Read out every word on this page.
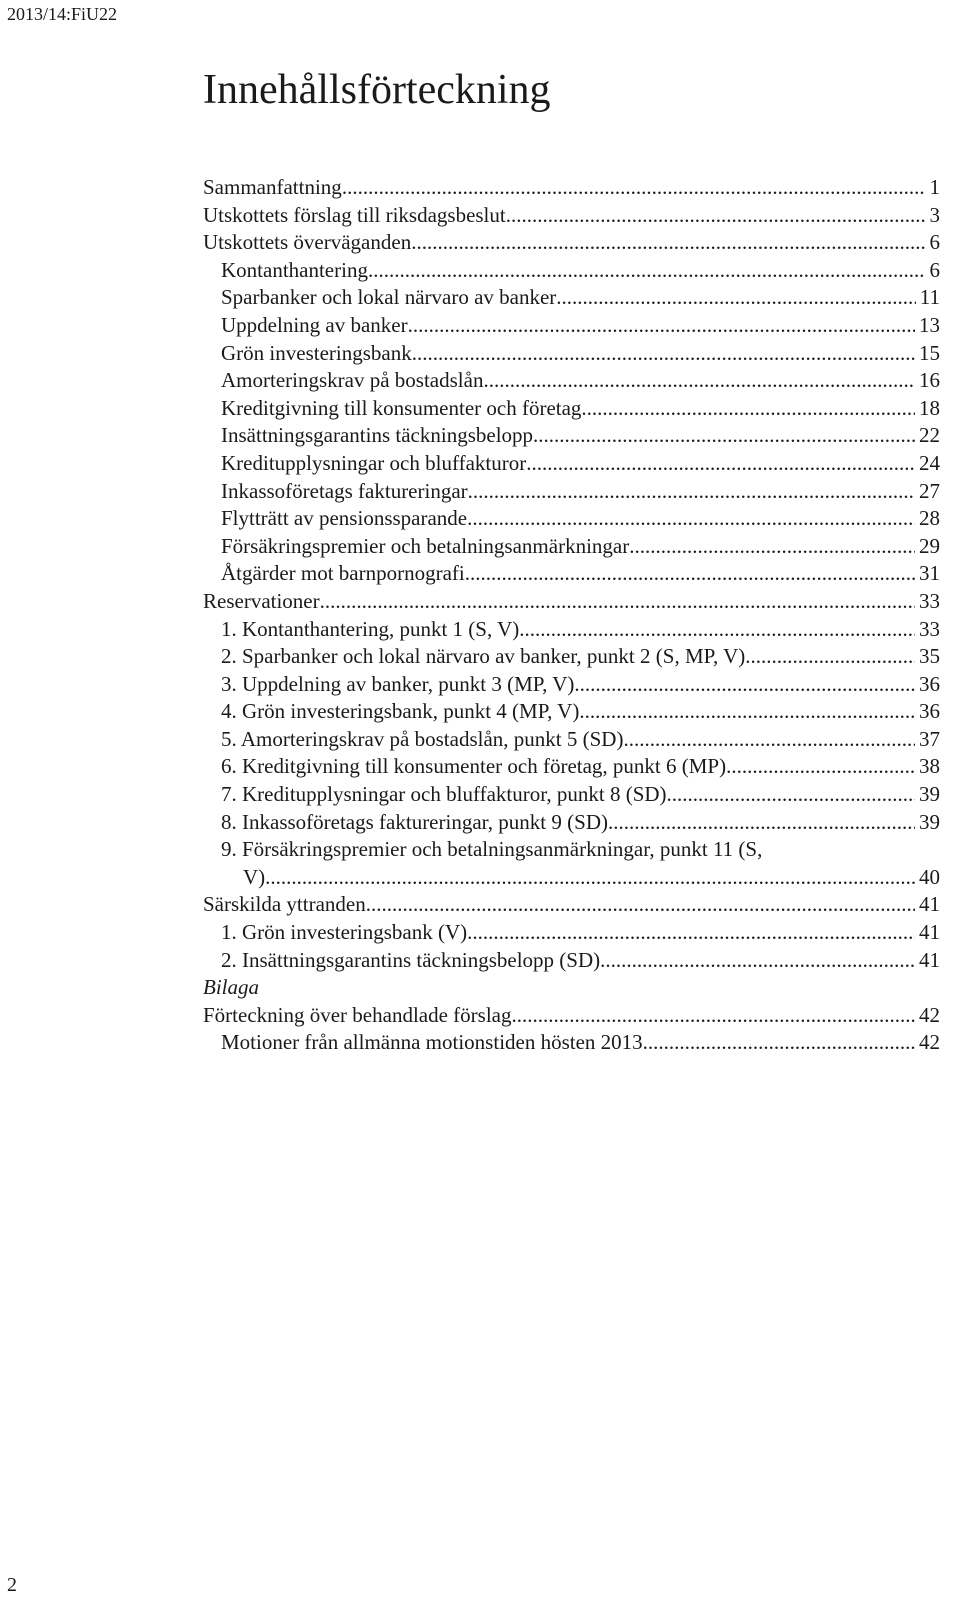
2013/14:FiU22
Innehållsförteckning
Sammanfattning .....	1
Utskottets förslag till riksdagsbeslut .....	3
Utskottets överväganden .....	6
Kontanthantering .....	6
Sparbanker och lokal närvaro av banker .....	11
Uppdelning av banker .....	13
Grön investeringsbank .....	15
Amorteringskrav på bostadslån .....	16
Kreditgivning till konsumenter och företag .....	18
Insättningsgarantins täckningsbelopp .....	22
Kreditupplysningar och bluffakturor .....	24
Inkassoföretags faktureringar .....	27
Flytträtt av pensionssparande .....	28
Försäkringspremier och betalningsanmärkningar .....	29
Åtgärder mot barnpornografi .....	31
Reservationer .....	33
1. Kontanthantering, punkt 1 (S, V) .....	33
2. Sparbanker och lokal närvaro av banker, punkt 2 (S, MP, V) .....	35
3. Uppdelning av banker, punkt 3 (MP, V) .....	36
4. Grön investeringsbank, punkt 4 (MP, V) .....	36
5. Amorteringskrav på bostadslån, punkt 5 (SD) .....	37
6. Kreditgivning till konsumenter och företag, punkt 6 (MP) .....	38
7. Kreditupplysningar och bluffakturor, punkt 8 (SD) .....	39
8. Inkassoföretags faktureringar, punkt 9 (SD) .....	39
9. Försäkringspremier och betalningsanmärkningar, punkt 11 (S,
V) .....	40
Särskilda yttranden .....	41
1. Grön investeringsbank (V) .....	41
2. Insättningsgarantins täckningsbelopp (SD) .....	41
Bilaga
Förteckning över behandlade förslag .....	42
Motioner från allmänna motionstiden hösten 2013 .....	42
2
